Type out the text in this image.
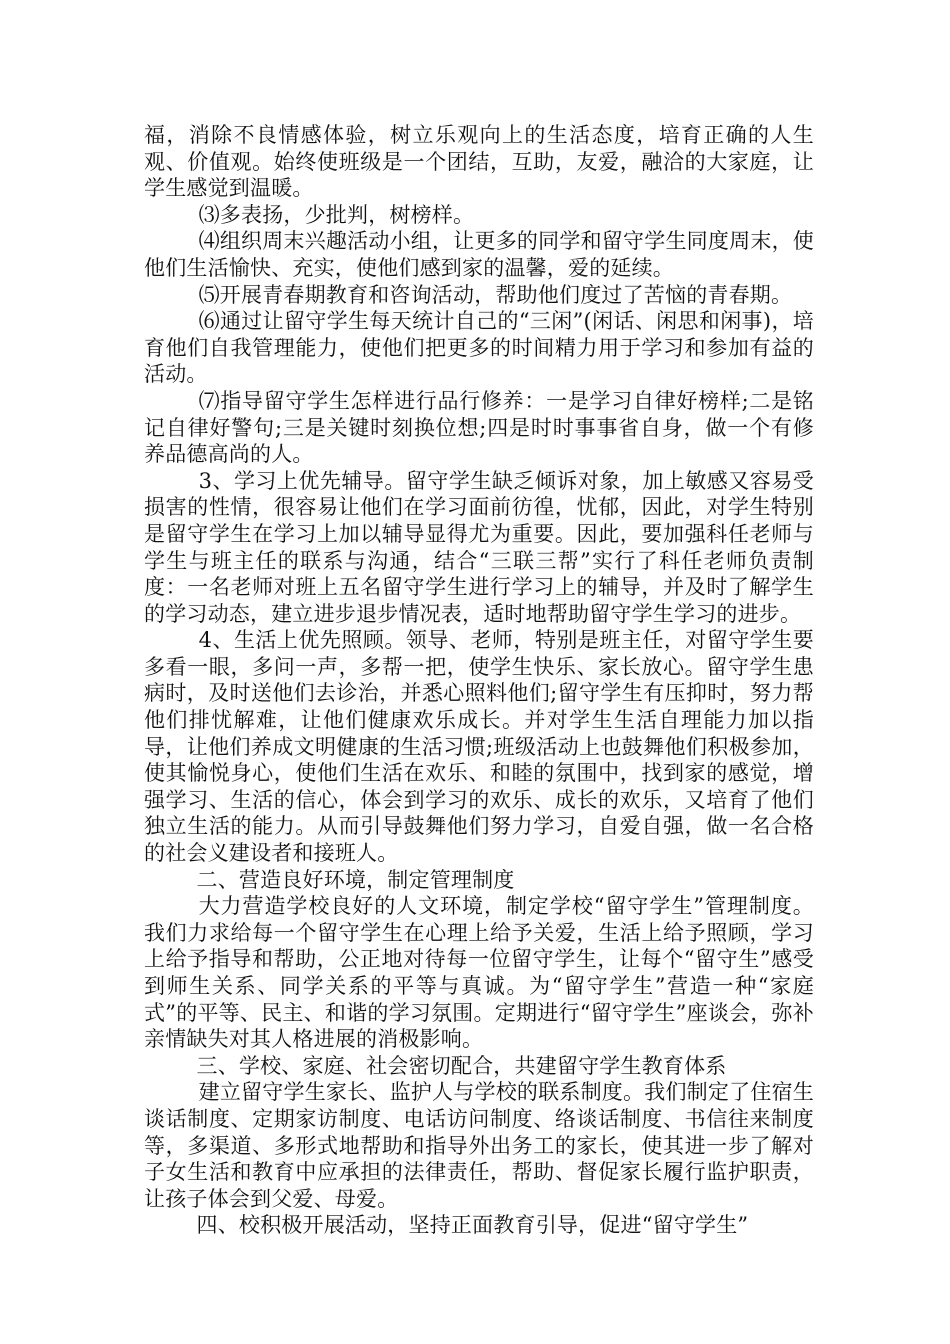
福，消除不良情感体验，树立乐观向上的生活态度，培育正确的人生观、价值观。始终使班级是一个团结，互助，友爱，融洽的大家庭，让学生感觉到温暖。

⑶多表扬，少批判，树榜样。

⑷组织周末兴趣活动小组，让更多的同学和留守学生同度周末，使他们生活愉快、充实，使他们感到家的温馨，爱的延续。

⑸开展青春期教育和咨询活动，帮助他们度过了苦恼的青春期。

⑹通过让留守学生每天统计自己的“三闲”(闲话、闲思和闲事)，培育他们自我管理能力，使他们把更多的时间精力用于学习和参加有益的活动。

⑺指导留守学生怎样进行品行修养：一是学习自律好榜样;二是铭记自律好警句;三是关键时刻换位想;四是时时事事省自身，做一个有修养品德高尚的人。

3、学习上优先辅导。留守学生缺乏倾诉对象，加上敏感又容易受损害的性情，很容易让他们在学习面前彷徨，忧郁，因此，对学生特别是留守学生在学习上加以辅导显得尤为重要。因此，要加强科任老师与学生与班主任的联系与沟通，结合“三联三帮”实行了科任老师负责制度：一名老师对班上五名留守学生进行学习上的辅导，并及时了解学生的学习动态，建立进步退步情况表，适时地帮助留守学生学习的进步。

4、生活上优先照顾。领导、老师，特别是班主任，对留守学生要多看一眼，多问一声，多帮一把，使学生快乐、家长放心。留守学生患病时，及时送他们去诊治，并悉心照料他们;留守学生有压抑时，努力帮他们排忧解难，让他们健康欢乐成长。并对学生生活自理能力加以指导，让他们养成文明健康的生活习惯;班级活动上也鼓舞他们积极参加，使其愉悦身心，使他们生活在欢乐、和睦的氛围中，找到家的感觉，增强学习、生活的信心，体会到学习的欢乐、成长的欢乐，又培育了他们独立生活的能力。从而引导鼓舞他们努力学习，自爱自强，做一名合格的社会义建设者和接班人。

二、营造良好环境，制定管理制度

大力营造学校良好的人文环境，制定学校“留守学生”管理制度。我们力求给每一个留守学生在心理上给予关爱，生活上给予照顾，学习上给予指导和帮助，公正地对待每一位留守学生，让每个“留守生”感受到师生关系、同学关系的平等与真诚。为“留守学生”营造一种“家庭式”的平等、民主、和谐的学习氛围。定期进行“留守学生”座谈会，弥补亲情缺失对其人格进展的消极影响。

三、学校、家庭、社会密切配合，共建留守学生教育体系

建立留守学生家长、监护人与学校的联系制度。我们制定了住宿生谈话制度、定期家访制度、电话访问制度、络谈话制度、书信往来制度等，多渠道、多形式地帮助和指导外出务工的家长，使其进一步了解对子女生活和教育中应承担的法律责任，帮助、督促家长履行监护职责，让孩子体会到父爱、母爱。

四、校积极开展活动，坚持正面教育引导，促进“留守学生”
